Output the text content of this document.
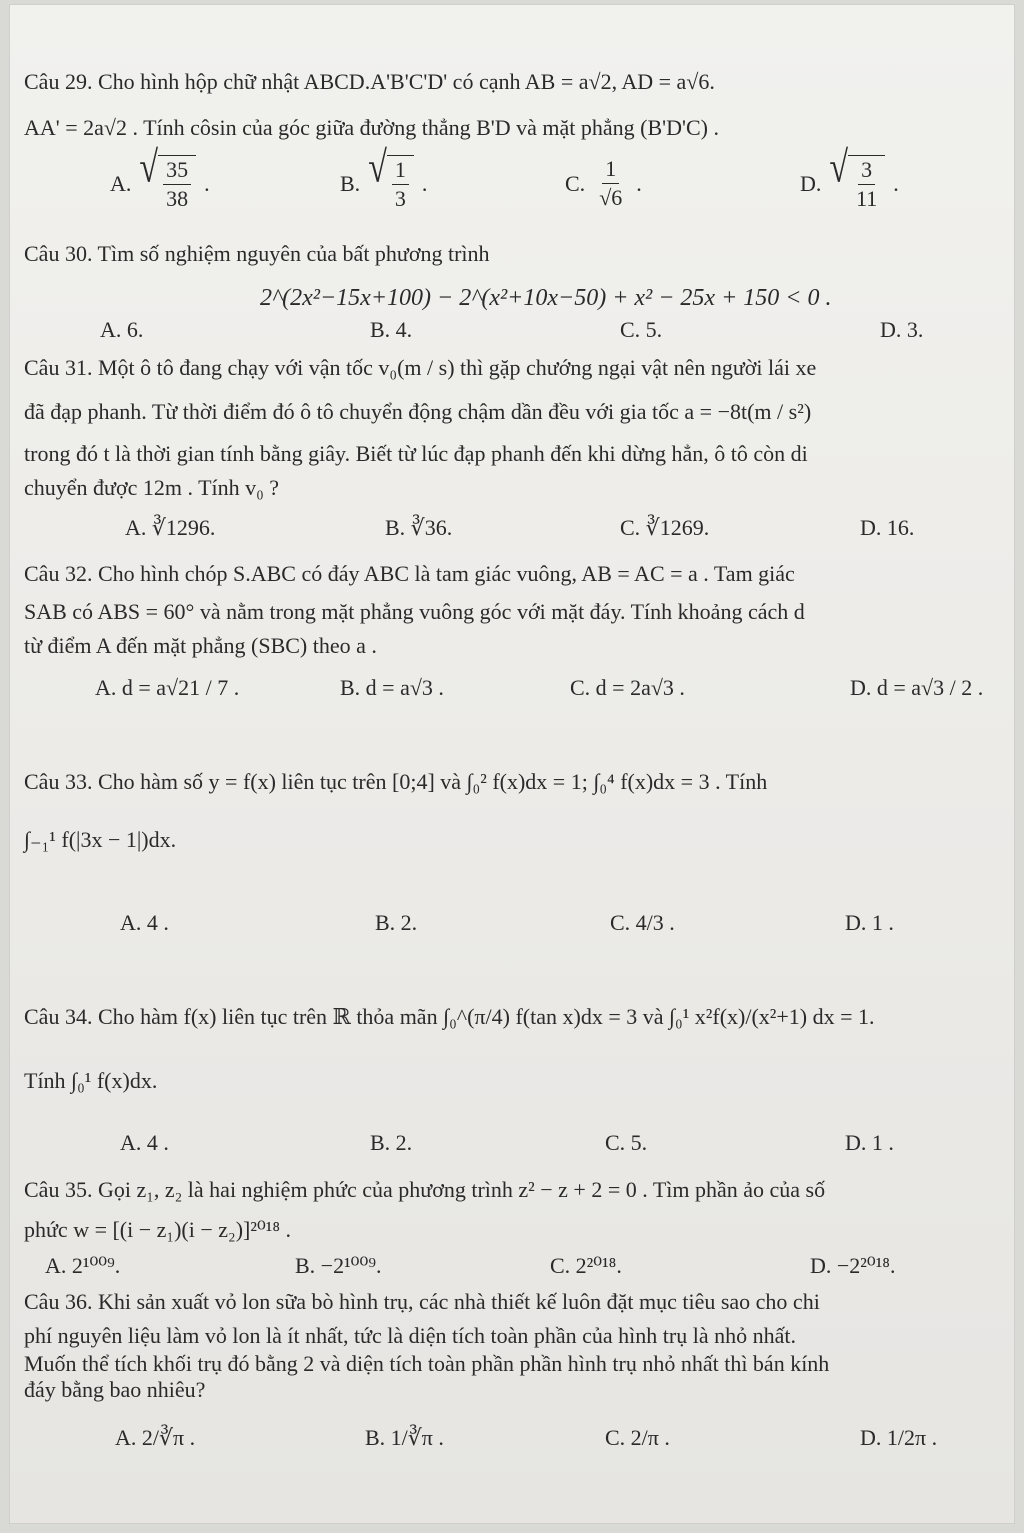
Câu 29. Cho hình hộp chữ nhật ABCD.A'B'C'D' có cạnh AB = a√2, AD = a√6.

AA' = 2a√2 . Tính côsin của góc giữa đường thẳng B'D và mặt phẳng (B'D'C) .

A. √ $\frac{35}{38}$ .	B. √ $\frac{1}{3}$ .	C. $\frac{1}{√6}$ .	D. √ $\frac{3}{11}$ .

Câu 30. Tìm số nghiệm nguyên của bất phương trình

2^(2x²−15x+100) − 2^(x²+10x−50) + x² − 25x + 150 < 0 .
A. 6.	B. 4.	C. 5.	D. 3.

Câu 31. Một ô tô đang chạy với vận tốc v₀(m / s) thì gặp chướng ngại vật nên người lái xe

đã đạp phanh. Từ thời điểm đó ô tô chuyển động chậm dần đều với gia tốc a = −8t(m / s²)

trong đó t là thời gian tính bằng giây. Biết từ lúc đạp phanh đến khi dừng hẳn, ô tô còn di

chuyển được 12m . Tính v₀ ?

A. ∛1296.	B. ∛36.	C. ∛1269.	D. 16.

Câu 32. Cho hình chóp S.ABC có đáy ABC là tam giác vuông, AB = AC = a . Tam giác

SAB có ABS = 60° và nằm trong mặt phẳng vuông góc với mặt đáy. Tính khoảng cách d

từ điểm A đến mặt phẳng (SBC) theo a .

A. d = a√21 / 7 .	B. d = a√3 .	C. d = 2a√3 .	D. d = a√3 / 2 .

Câu 33. Cho hàm số y = f(x) liên tục trên [0;4] và ∫₀² f(x)dx = 1; ∫₀⁴ f(x)dx = 3 . Tính

∫₋₁¹ f(|3x − 1|)dx.

A. 4 .	B. 2.	C. 4/3 .	D. 1 .

Câu 34. Cho hàm f(x) liên tục trên ℝ thỏa mãn ∫₀^(π/4) f(tan x)dx = 3 và ∫₀¹ x²f(x)/(x²+1) dx = 1.

Tính ∫₀¹ f(x)dx.

A. 4 .	B. 2.	C. 5.	D. 1 .

Câu 35. Gọi z₁, z₂ là hai nghiệm phức của phương trình z² − z + 2 = 0 . Tìm phần ảo của số

phức w = [(i − z₁)(i − z₂)]²⁰¹⁸ .

A. 2¹⁰⁰⁹.	B. −2¹⁰⁰⁹.	C. 2²⁰¹⁸.	D. −2²⁰¹⁸.

Câu 36. Khi sản xuất vỏ lon sữa bò hình trụ, các nhà thiết kế luôn đặt mục tiêu sao cho chi

phí nguyên liệu làm vỏ lon là ít nhất, tức là diện tích toàn phần của hình trụ là nhỏ nhất.

Muốn thể tích khối trụ đó bằng 2 và diện tích toàn phần phần hình trụ nhỏ nhất thì bán kính

đáy bằng bao nhiêu?

A. 2/∛π .	B. 1/∛π .	C. 2/π .	D. 1/2π .
